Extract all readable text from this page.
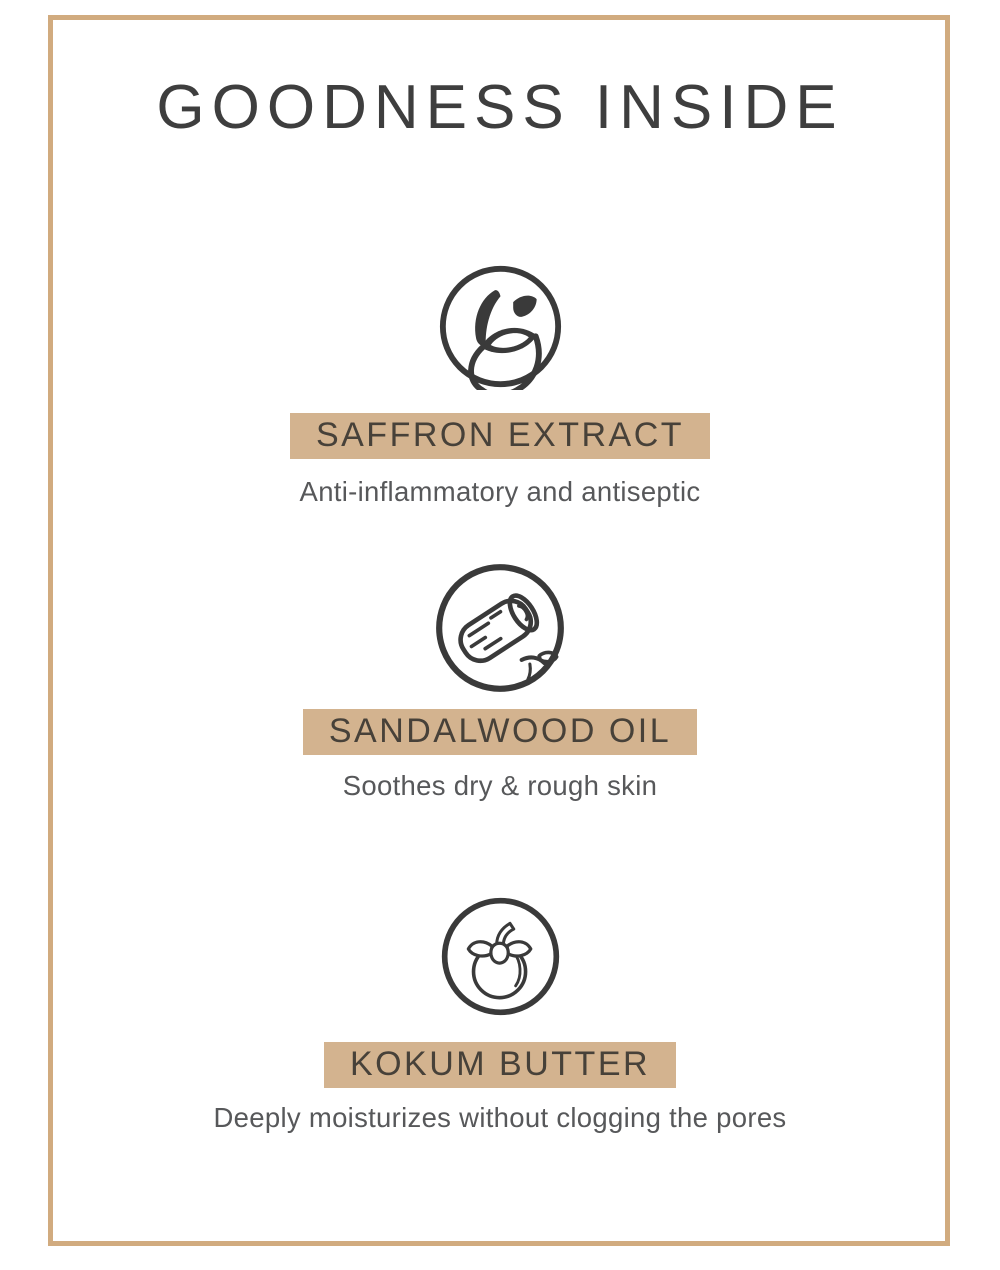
GOODNESS INSIDE
SAFFRON EXTRACT

Anti-inflammatory and antiseptic

SANDALWOOD OIL

Soothes dry & rough skin

KOKUM BUTTER

Deeply moisturizes without clogging the pores
